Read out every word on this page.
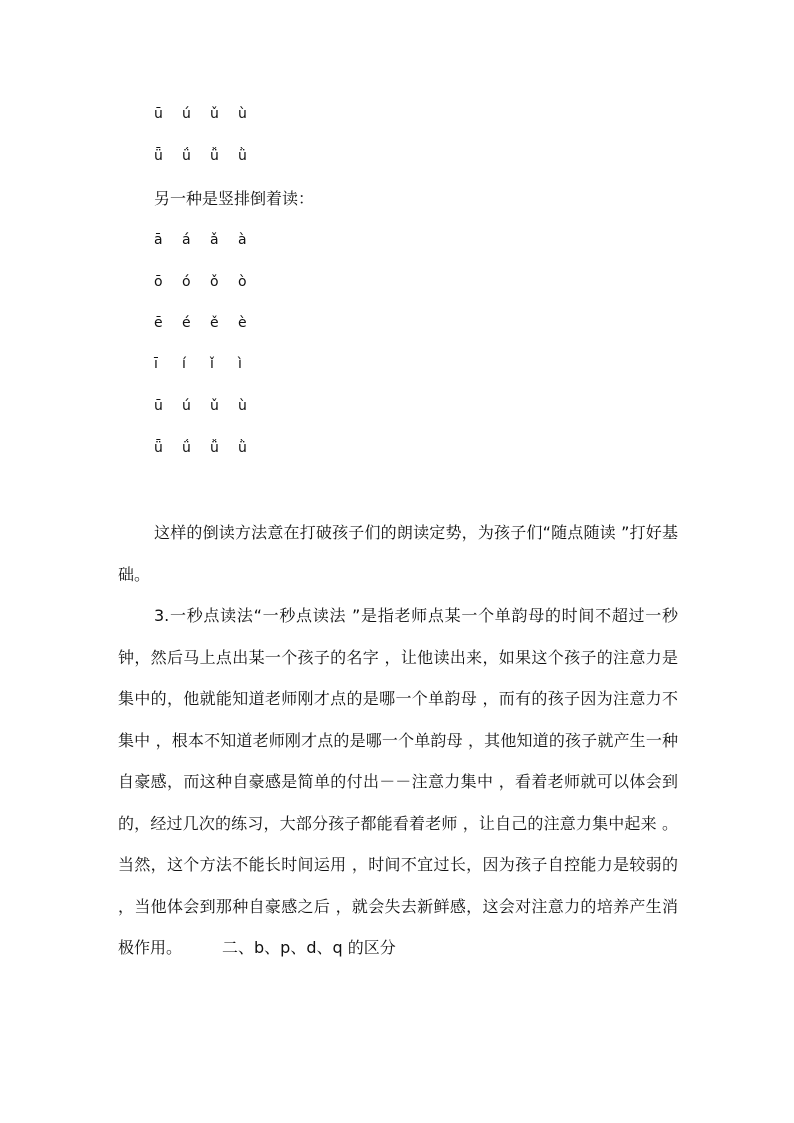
ū ú ǔ ù
ǖ ǘ ǚ ǜ
另一种是竖排倒着读：
ā á ǎ à
ō ó ǒ ò
ē é ě è
ī í ǐ ì
ū ú ǔ ù
ǖ ǘ ǚ ǜ
这样的倒读方法意在打破孩子们的朗读定势，为孩子们“随点随读 ”打好基础。
3.一秒点读法“一秒点读法 ”是指老师点某一个单韵母的时间不超过一秒钟，然后马上点出某一个孩子的名字 ，让他读出来，如果这个孩子的注意力是集中的，他就能知道老师刚才点的是哪一个单韵母 ，而有的孩子因为注意力不集中 ，根本不知道老师刚才点的是哪一个单韵母 ，其他知道的孩子就产生一种自豪感，而这种自豪感是简单的付出－－注意力集中 ，看着老师就可以体会到的，经过几次的练习，大部分孩子都能看着老师 ，让自己的注意力集中起来 。当然，这个方法不能长时间运用 ，时间不宜过长，因为孩子自控能力是较弱的 ，当他体会到那种自豪感之后 ，就会失去新鲜感，这会对注意力的培养产生消极作用。　　　二、b、p、d、q 的区分
